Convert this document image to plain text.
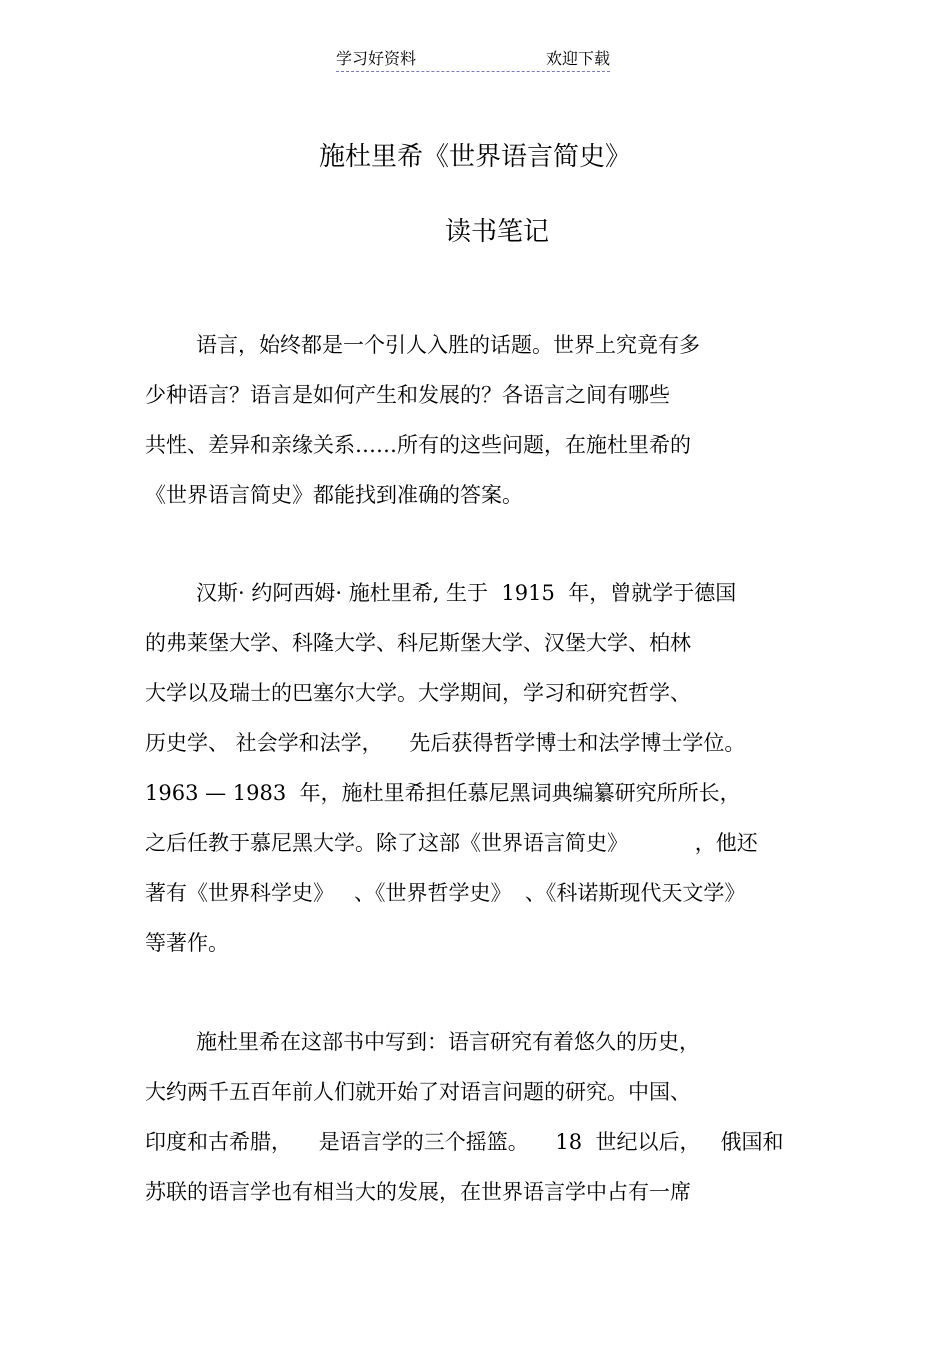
学习好资料	欢迎下载
施杜里希《世界语言简史》
读书笔记
语言，始终都是一个引人入胜的话题。世界上究竟有多
少种语言？语言是如何产生和发展的？各语言之间有哪些
共性、差异和亲缘关系……所有的这些问题，在施杜里希的
《世界语言简史》都能找到准确的答案。
汉斯· 约阿西姆· 施杜里希, 生于  1915  年，曾就学于德国
的弗莱堡大学、科隆大学、科尼斯堡大学、汉堡大学、柏林
大学以及瑞士的巴塞尔大学。大学期间，学习和研究哲学、
历史学、 社会学和法学，    先后获得哲学博士和法学博士学位。
1963 — 1983  年，施杜里希担任慕尼黑词典编纂研究所所长，
之后任教于慕尼黑大学。除了这部《世界语言简史》          ，他还
著有《世界科学史》   、《世界哲学史》  、《科诺斯现代天文学》
等著作。
施杜里希在这部书中写到：语言研究有着悠久的历史，
大约两千五百年前人们就开始了对语言问题的研究。中国、
印度和古希腊，    是语言学的三个摇篮。    18  世纪以后，   俄国和
苏联的语言学也有相当大的发展，在世界语言学中占有一席
